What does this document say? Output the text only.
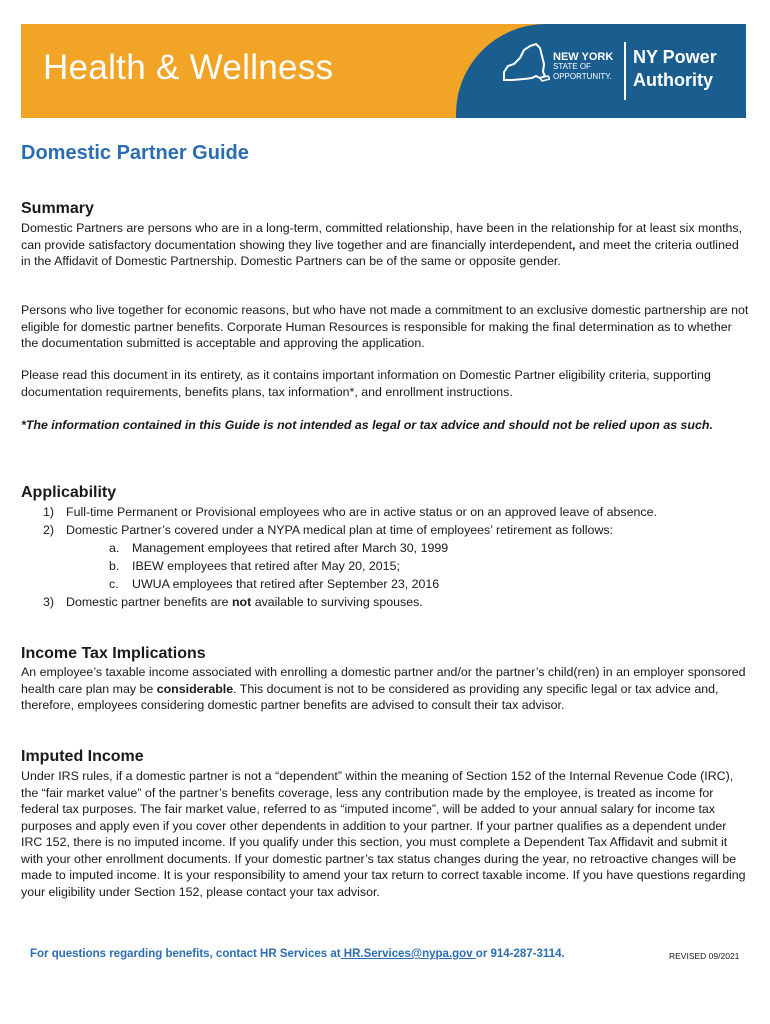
Health & Wellness	NEW YORK
STATE OF
OPPORTUNITY.
NY Power
Authority
Domestic Partner Guide
Summary

Domestic Partners are persons who are in a long-term, committed relationship, have been in the relationship for at least six months, can provide satisfactory documentation showing they live together and are financially interdependent, and meet the criteria outlined in the Affidavit of Domestic Partnership. Domestic Partners can be of the same or opposite gender.

Persons who live together for economic reasons, but who have not made a commitment to an exclusive domestic partnership are not eligible for domestic partner benefits. Corporate Human Resources is responsible for making the final determination as to whether the documentation submitted is acceptable and approving the application.

Please read this document in its entirety, as it contains important information on Domestic Partner eligibility criteria, supporting documentation requirements, benefits plans, tax information*, and enrollment instructions.

*The information contained in this Guide is not intended as legal or tax advice and should not be relied upon as such.

Applicability
1) Full-time Permanent or Provisional employees who are in active status or on an approved leave of absence.
2) Domestic Partner’s covered under a NYPA medical plan at time of employees’ retirement as follows:
a. Management employees that retired after March 30, 1999
b. IBEW employees that retired after May 20, 2015;
c. UWUA employees that retired after September 23, 2016
3) Domestic partner benefits are not available to surviving spouses.
Income Tax Implications

An employee’s taxable income associated with enrolling a domestic partner and/or the partner’s child(ren) in an employer sponsored health care plan may be considerable. This document is not to be considered as providing any specific legal or tax advice and, therefore, employees considering domestic partner benefits are advised to consult their tax advisor.

Imputed Income

Under IRS rules, if a domestic partner is not a “dependent” within the meaning of Section 152 of the Internal Revenue Code (IRC), the “fair market value” of the partner’s benefits coverage, less any contribution made by the employee, is treated as income for federal tax purposes. The fair market value, referred to as “imputed income”, will be added to your annual salary for income tax purposes and apply even if you cover other dependents in addition to your partner. If your partner qualifies as a dependent under IRC 152, there is no imputed income. If you qualify under this section, you must complete a Dependent Tax Affidavit and submit it with your other enrollment documents. If your domestic partner’s tax status changes during the year, no retroactive changes will be made to imputed income. It is your responsibility to amend your tax return to correct taxable income. If you have questions regarding your eligibility under Section 152, please contact your tax advisor.

For questions regarding benefits, contact HR Services at HR.Services@nypa.gov or 914-287-3114.	REVISED 09/2021
